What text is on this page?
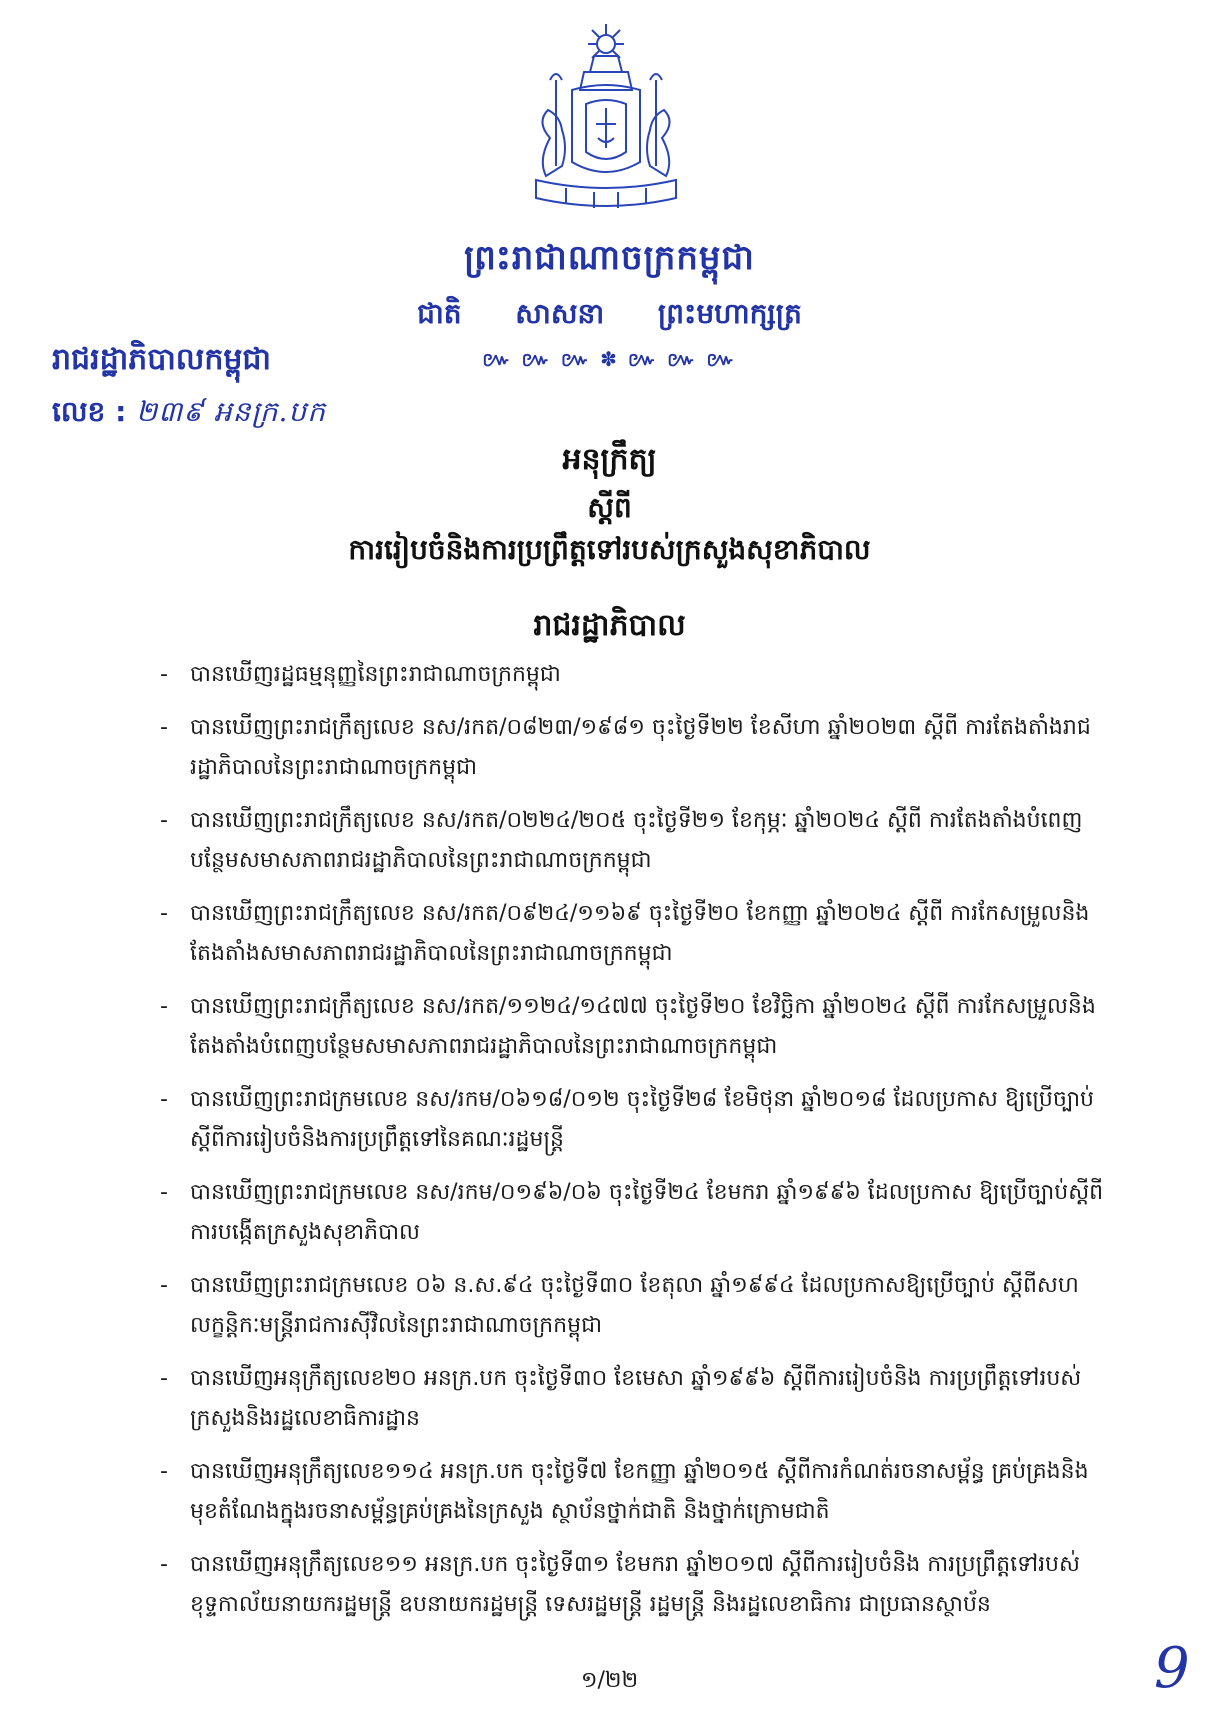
ព្រះរាជាណាចក្រកម្ពុជា
ជាតិ សាសនា ព្រះមហាក្សត្រ
៚ ៚ ៚ ✽ ៚ ៚ ៚
រាជរដ្ឋាភិបាលកម្ពុជា
លេខ : ២៣៩ អនក្រ.បក
អនុក្រឹត្យ
ស្តីពី
ការរៀបចំនិងការប្រព្រឹត្តទៅរបស់ក្រសួងសុខាភិបាល
រាជរដ្ឋាភិបាល
- បានឃើញរដ្ឋធម្មនុញ្ញនៃព្រះរាជាណាចក្រកម្ពុជា
- បានឃើញព្រះរាជក្រឹត្យលេខ នស/រកត/០៨២៣/១៩៨១ ចុះថ្ងៃទី២២ ខែសីហា ឆ្នាំ២០២៣ ស្តីពី ការតែងតាំងរាជរដ្ឋាភិបាលនៃព្រះរាជាណាចក្រកម្ពុជា
- បានឃើញព្រះរាជក្រឹត្យលេខ នស/រកត/០២២៤/២០៥ ចុះថ្ងៃទី២១ ខែកុម្ភៈ ឆ្នាំ២០២៤ ស្តីពី ការតែងតាំងបំពេញបន្ថែមសមាសភាពរាជរដ្ឋាភិបាលនៃព្រះរាជាណាចក្រកម្ពុជា
- បានឃើញព្រះរាជក្រឹត្យលេខ នស/រកត/០៩២៤/១១៦៩ ចុះថ្ងៃទី២០ ខែកញ្ញា ឆ្នាំ២០២៤ ស្តីពី ការកែសម្រួលនិងតែងតាំងសមាសភាពរាជរដ្ឋាភិបាលនៃព្រះរាជាណាចក្រកម្ពុជា
- បានឃើញព្រះរាជក្រឹត្យលេខ នស/រកត/១១២៤/១៤៧៧ ចុះថ្ងៃទី២០ ខែវិច្ឆិកា ឆ្នាំ២០២៤ ស្តីពី ការកែសម្រួលនិងតែងតាំងបំពេញបន្ថែមសមាសភាពរាជរដ្ឋាភិបាលនៃព្រះរាជាណាចក្រកម្ពុជា
- បានឃើញព្រះរាជក្រមលេខ នស/រកម/០៦១៨/០១២ ចុះថ្ងៃទី២៨ ខែមិថុនា ឆ្នាំ២០១៨ ដែលប្រកាស ឱ្យប្រើច្បាប់ស្តីពីការរៀបចំនិងការប្រព្រឹត្តទៅនៃគណៈរដ្ឋមន្ត្រី
- បានឃើញព្រះរាជក្រមលេខ នស/រកម/០១៩៦/០៦ ចុះថ្ងៃទី២៤ ខែមករា ឆ្នាំ១៩៩៦ ដែលប្រកាស ឱ្យប្រើច្បាប់ស្តីពីការបង្កើតក្រសួងសុខាភិបាល
- បានឃើញព្រះរាជក្រមលេខ ០៦ ន.ស.៩៤ ចុះថ្ងៃទី៣០ ខែតុលា ឆ្នាំ១៩៩៤ ដែលប្រកាសឱ្យប្រើច្បាប់ ស្តីពីសហលក្ខន្តិកៈមន្ត្រីរាជការស៊ីវិលនៃព្រះរាជាណាចក្រកម្ពុជា
- បានឃើញអនុក្រឹត្យលេខ២០ អនក្រ.បក ចុះថ្ងៃទី៣០ ខែមេសា ឆ្នាំ១៩៩៦ ស្តីពីការរៀបចំនិង ការប្រព្រឹត្តទៅរបស់ក្រសួងនិងរដ្ឋលេខាធិការដ្ឋាន
- បានឃើញអនុក្រឹត្យលេខ១១៤ អនក្រ.បក ចុះថ្ងៃទី៧ ខែកញ្ញា ឆ្នាំ២០១៥ ស្តីពីការកំណត់រចនាសម្ព័ន្ធ គ្រប់គ្រងនិងមុខតំណែងក្នុងរចនាសម្ព័ន្ធគ្រប់គ្រងនៃក្រសួង ស្ថាប័នថ្នាក់ជាតិ និងថ្នាក់ក្រោមជាតិ
- បានឃើញអនុក្រឹត្យលេខ១១ អនក្រ.បក ចុះថ្ងៃទី៣១ ខែមករា ឆ្នាំ២០១៧ ស្តីពីការរៀបចំនិង ការប្រព្រឹត្តទៅរបស់ខុទ្ទកាល័យនាយករដ្ឋមន្ត្រី ឧបនាយករដ្ឋមន្ត្រី ទេសរដ្ឋមន្ត្រី រដ្ឋមន្ត្រី និងរដ្ឋលេខាធិការ ជាប្រធានស្ថាប័ន
១/២២	9
